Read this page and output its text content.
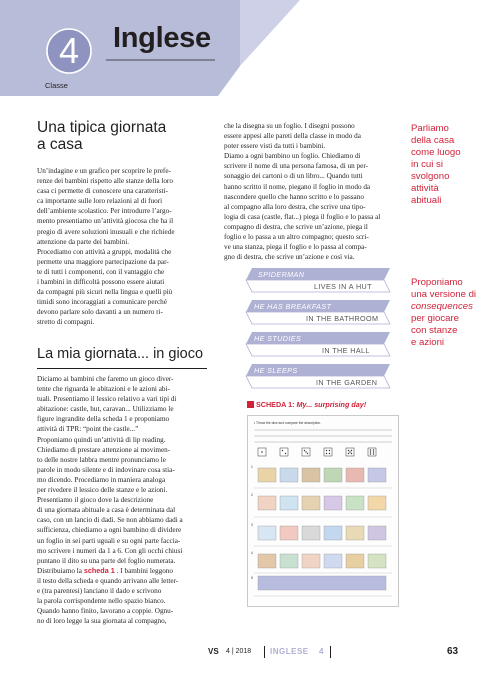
4
Classe
Inglese
Una tipica giornata
a casa
Un’indagine e un grafico per scoprire le prefe-
renze dei bambini rispetto alle stanze della loro
casa ci permette di conoscere una caratteristi-
ca importante sulle loro relazioni al di fuori
dell’ambiente scolastico. Per introdurre l’argo-
mento presentiamo un’attività giocosa che ha il
pregio di avere soluzioni inusuali e che richiede
attenzione da parte dei bambini.
Procediamo con attività a gruppi, modalità che
permette una maggiore partecipazione da par-
te di tutti i componenti, con il vantaggio che
i bambini in difficoltà possono essere aiutati
da compagni più sicuri nella lingua e quelli più
timidi sono incoraggiati a comunicare perché
devono parlare solo davanti a un numero ri-
stretto di compagni.
La mia giornata... in gioco
Diciamo ai bambini che faremo un gioco diver-
tente che riguarda le abitazioni e le azioni abi-
tuali. Presentiamo il lessico relativo a vari tipi di
abitazione: castle, hut, caravan... Utilizziamo le
figure ingrandite della scheda 1 e proponiamo
attività di TPR: “point the castle...”
Proponiamo quindi un’attività di lip reading.
Chiediamo di prestare attenzione ai movimen-
to delle nostre labbra mentre pronunciamo le
parole in modo silente e di indovinare cosa stia-
mo dicendo. Procediamo in maniera analoga
per rivedere il lessico delle stanze e le azioni.
Presentiamo il gioco dove la descrizione
di una giornata abituale a casa è determinata dal
caso, con un lancio di dadi. Se non abbiamo dadi a
sufficienza, chiediamo a ogni bambino di dividere
un foglio in sei parti uguali e su ogni parte faccia-
mo scrivere i numeri da 1 a 6. Con gli occhi chiusi
puntano il dito su una parte del foglio numerata.
Distribuiamo la scheda 1 . I bambini leggono
il testo della scheda e quando arrivano alle letter-
e (tra parentesi) lanciano il dado e scrivono
la parola corrispondente nello spazio bianco.
Quando hanno finito, lavorano a coppie. Ognu-
no di loro legge la sua giornata al compagno,
che la disegna su un foglio. I disegni possono
essere appesi alle pareti della classe in modo da
poter essere visti da tutti i bambini.
Diamo a ogni bambino un foglio. Chiediamo di
scrivere il nome di una persona famosa, di un per-
sonaggio dei cartoni o di un libro... Quando tutti
hanno scritto il nome, piegano il foglio in modo da
nascondere quello che hanno scritto e lo passano
al compagno alla loro destra, che scrive una tipo-
logia di casa (castle, flat...) piega il foglio e lo passa al
compagno di destra, che scrive un’azione, piega il
foglio e lo passa a un altro compagno; questo scri-
ve una stanza, piega il foglio e lo passa al compa-
gno di destra, che scrive un’azione e così via.
Parliamo
della casa
come luogo
in cui si
svolgono
attività
abituali
Proponiamo
una versione di
consequences
per giocare
con stanze
e azioni
SPIDERMAN
LIVES IN A HUT
HE HAS BREAKFAST
IN THE BATHROOM
HE STUDIES
IN THE HALL
HE SLEEPS
IN THE GARDEN
SCHEDA 1: My... surprising day!
• Throw the dice and compare the description.
1
2
3
4
5
VS 4 | 2018 INGLESE 4	63
